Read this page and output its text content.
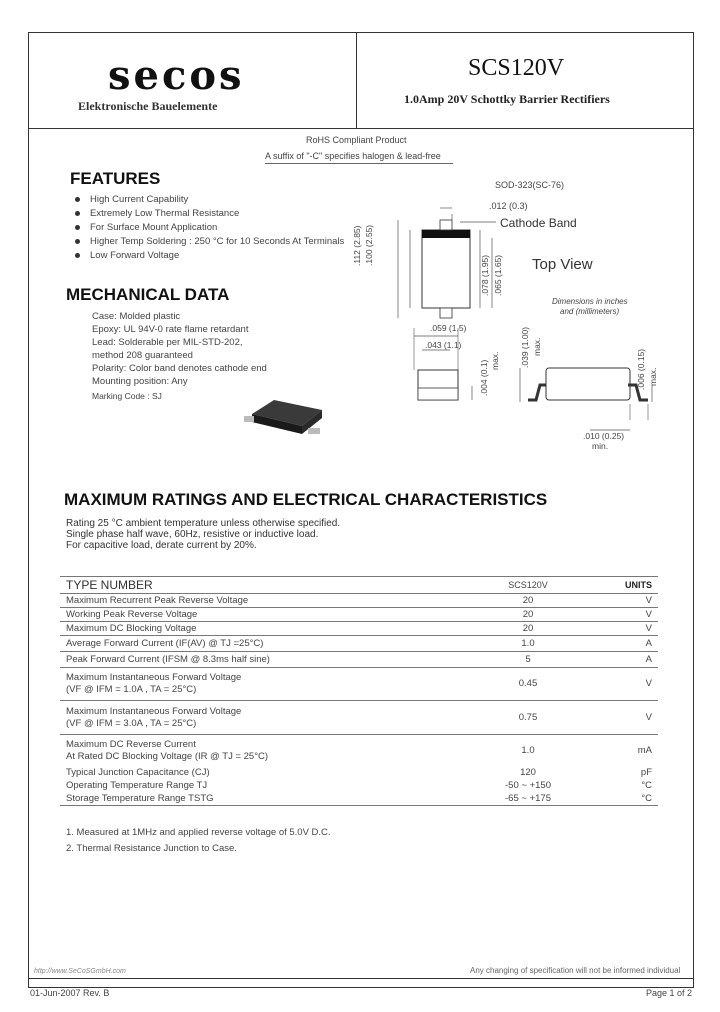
secos
Elektronische Bauelemente
SCS120V
1.0Amp 20V Schottky Barrier Rectifiers
RoHS Compliant Product
A suffix of "-C" specifies halogen & lead-free
FEATURES
High Current Capability
Extremely Low Thermal Resistance
For Surface Mount Application
Higher Temp Soldering : 250 °C for 10 Seconds At Terminals
Low Forward Voltage
MECHANICAL DATA
Case: Molded plastic
Epoxy: UL 94V-0 rate flame retardant
Lead: Solderable per MIL-STD-202,
method 208 guaranteed
Polarity: Color band denotes cathode end
Mounting position: Any
Marking Code : SJ
SOD-323(SC-76)
Cathode Band
Top View
.012 (0.3)
Dimensions in inches
and (millimeters)
.112 (2.85) .100 (2.55)
.078 (1.95) .065 (1.65)
.059 (1.5)
.043 (1.1)
.004 (0.1) max. .039 (1.00) max.
.006 (0.15) max.
.010 (0.25)
min.
MAXIMUM RATINGS AND ELECTRICAL CHARACTERISTICS
Rating 25 °C ambient temperature unless otherwise specified.
Single phase half wave, 60Hz, resistive or inductive load.
For capacitive load, derate current by 20%.
TYPE NUMBER	SCS120V	UNITS
Maximum Recurrent Peak Reverse Voltage	20	V
Working Peak Reverse Voltage	20	V
Maximum DC Blocking Voltage	20	V
Average Forward Current (IF(AV) @ TJ =25°C)	1.0	A
Peak Forward Current (IFSM @ 8.3ms half sine)	5	A

Maximum Instantaneous Forward Voltage
(VF @ IFM = 1.0A , TA = 25°C)	0.45	V

Maximum Instantaneous Forward Voltage
(VF @ IFM = 3.0A , TA = 25°C)	0.75	V

Maximum DC Reverse Current
At Rated DC Blocking Voltage (IR @ TJ = 25°C)	1.0	mA
Typical Junction Capacitance (CJ)	120	pF
Operating Temperature Range TJ	-50 ~ +150	°C
Storage Temperature Range TSTG	-65 ~ +175	°C
1. Measured at 1MHz and applied reverse voltage of 5.0V D.C.
2. Thermal Resistance Junction to Case.
http://www.SeCoSGmbH.com	Any changing of specification will not be informed individual
01-Jun-2007 Rev. B	Page 1 of 2
